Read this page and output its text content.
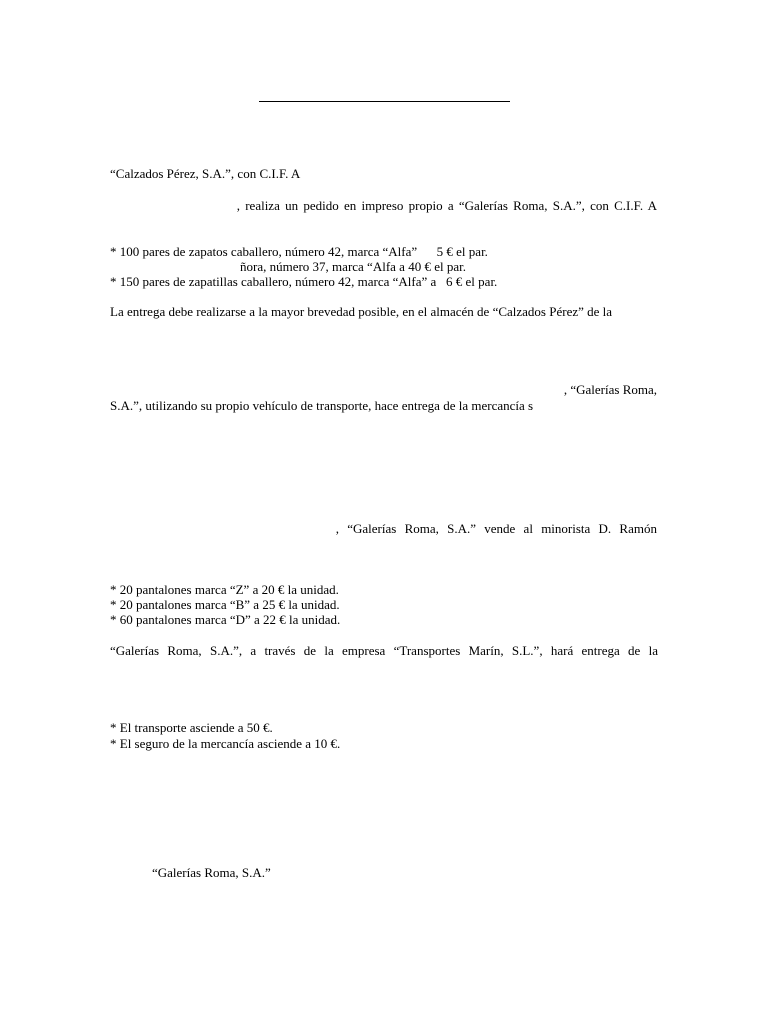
“Calzados Pérez, S.A.”, con C.I.F. A

, realiza un pedido en impreso propio a “Galerías Roma, S.A.”, con C.I.F. A

* 100 pares de zapatos caballero, número 42, marca “Alfa”      5 € el par.
ñora, número 37, marca “Alfa a 40 € el par.
* 150 pares de zapatillas caballero, número 42, marca “Alfa” a   6 € el par.
La entrega debe realizarse a la mayor brevedad posible, en el almacén de “Calzados Pérez” de la
, “Galerías Roma,
S.A.”, utilizando su propio vehículo de transporte, hace entrega de la mercancía s
, “Galerías Roma, S.A.” vende al minorista D. Ramón
* 20 pantalones marca “Z” a 20 € la unidad.
* 20 pantalones marca “B” a 25 € la unidad.
* 60 pantalones marca “D” a 22 € la unidad.
“Galerías Roma, S.A.”, a través de la empresa “Transportes Marín, S.L.”, hará entrega de la
* El transporte asciende a 50 €.
* El seguro de la mercancía asciende a 10 €.
“Galerías Roma, S.A.”
